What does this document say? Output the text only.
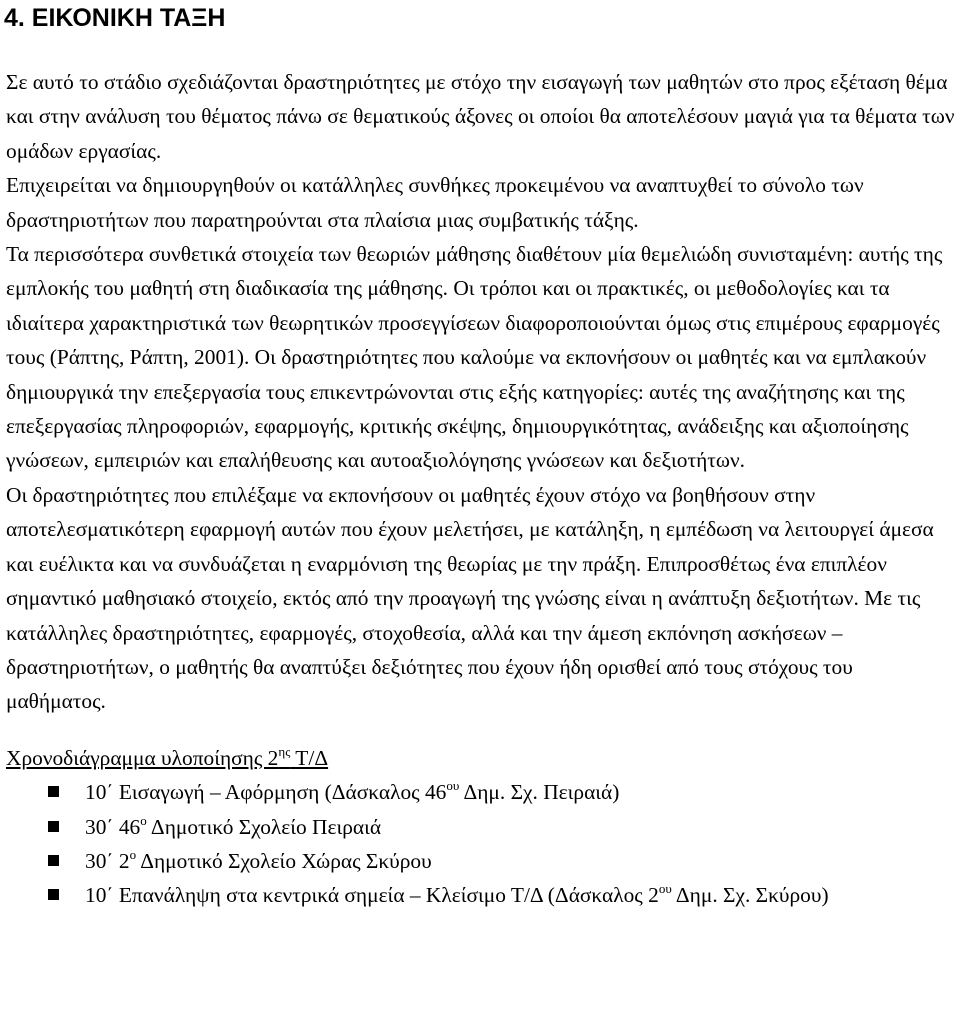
4. ΕΙΚΟΝΙΚΗ ΤΑΞΗ

Σε αυτό το στάδιο σχεδιάζονται δραστηριότητες με στόχο την εισαγωγή των μαθητών στο προς εξέταση θέμα και στην ανάλυση του θέματος πάνω σε θεματικούς άξονες οι οποίοι θα αποτελέσουν μαγιά για τα θέματα των ομάδων εργασίας.

Επιχειρείται να δημιουργηθούν οι κατάλληλες συνθήκες προκειμένου να αναπτυχθεί το σύνολο των δραστηριοτήτων που παρατηρούνται στα πλαίσια μιας συμβατικής τάξης.

Τα περισσότερα συνθετικά στοιχεία των θεωριών μάθησης διαθέτουν μία θεμελιώδη συνισταμένη: αυτής της εμπλοκής του μαθητή στη διαδικασία της μάθησης. Οι τρόποι και οι πρακτικές, οι μεθοδολογίες και τα ιδιαίτερα χαρακτηριστικά των θεωρητικών προσεγγίσεων διαφοροποιούνται όμως στις επιμέρους εφαρμογές τους (Ράπτης, Ράπτη, 2001). Οι δραστηριότητες που καλούμε να εκπονήσουν οι μαθητές και να εμπλακούν δημιουργικά την επεξεργασία τους επικεντρώνονται στις εξής κατηγορίες: αυτές της αναζήτησης και της επεξεργασίας πληροφοριών, εφαρμογής, κριτικής σκέψης, δημιουργικότητας, ανάδειξης και αξιοποίησης γνώσεων, εμπειριών και επαλήθευσης και αυτοαξιολόγησης γνώσεων και δεξιοτήτων.

Οι δραστηριότητες που επιλέξαμε να εκπονήσουν οι μαθητές έχουν στόχο να βοηθήσουν στην αποτελεσματικότερη εφαρμογή αυτών που έχουν μελετήσει, με κατάληξη, η εμπέδωση να λειτουργεί άμεσα και ευέλικτα και να συνδυάζεται η εναρμόνιση της θεωρίας με την πράξη. Επιπροσθέτως ένα επιπλέον σημαντικό μαθησιακό στοιχείο, εκτός από την προαγωγή της γνώσης είναι η ανάπτυξη δεξιοτήτων. Με τις κατάλληλες δραστηριότητες, εφαρμογές, στοχοθεσία, αλλά και την άμεση εκπόνηση ασκήσεων – δραστηριοτήτων, ο μαθητής θα αναπτύξει δεξιότητες που έχουν ήδη ορισθεί από τους στόχους του μαθήματος.

Χρονοδιάγραμμα υλοποίησης $2^{\eta\varsigma}$ Τ/Δ
10΄ Εισαγωγή – Αφόρμηση (Δάσκαλος $46^{o\upsilon}$ Δημ. Σχ. Πειραιά)
30΄ $46^o$ Δημοτικό Σχολείο Πειραιά
30΄ $2^o$ Δημοτικό Σχολείο Χώρας Σκύρου
10΄ Επανάληψη στα κεντρικά σημεία – Κλείσιμο Τ/Δ (Δάσκαλος $2^{o\upsilon}$ Δημ. Σχ. Σκύρου)
